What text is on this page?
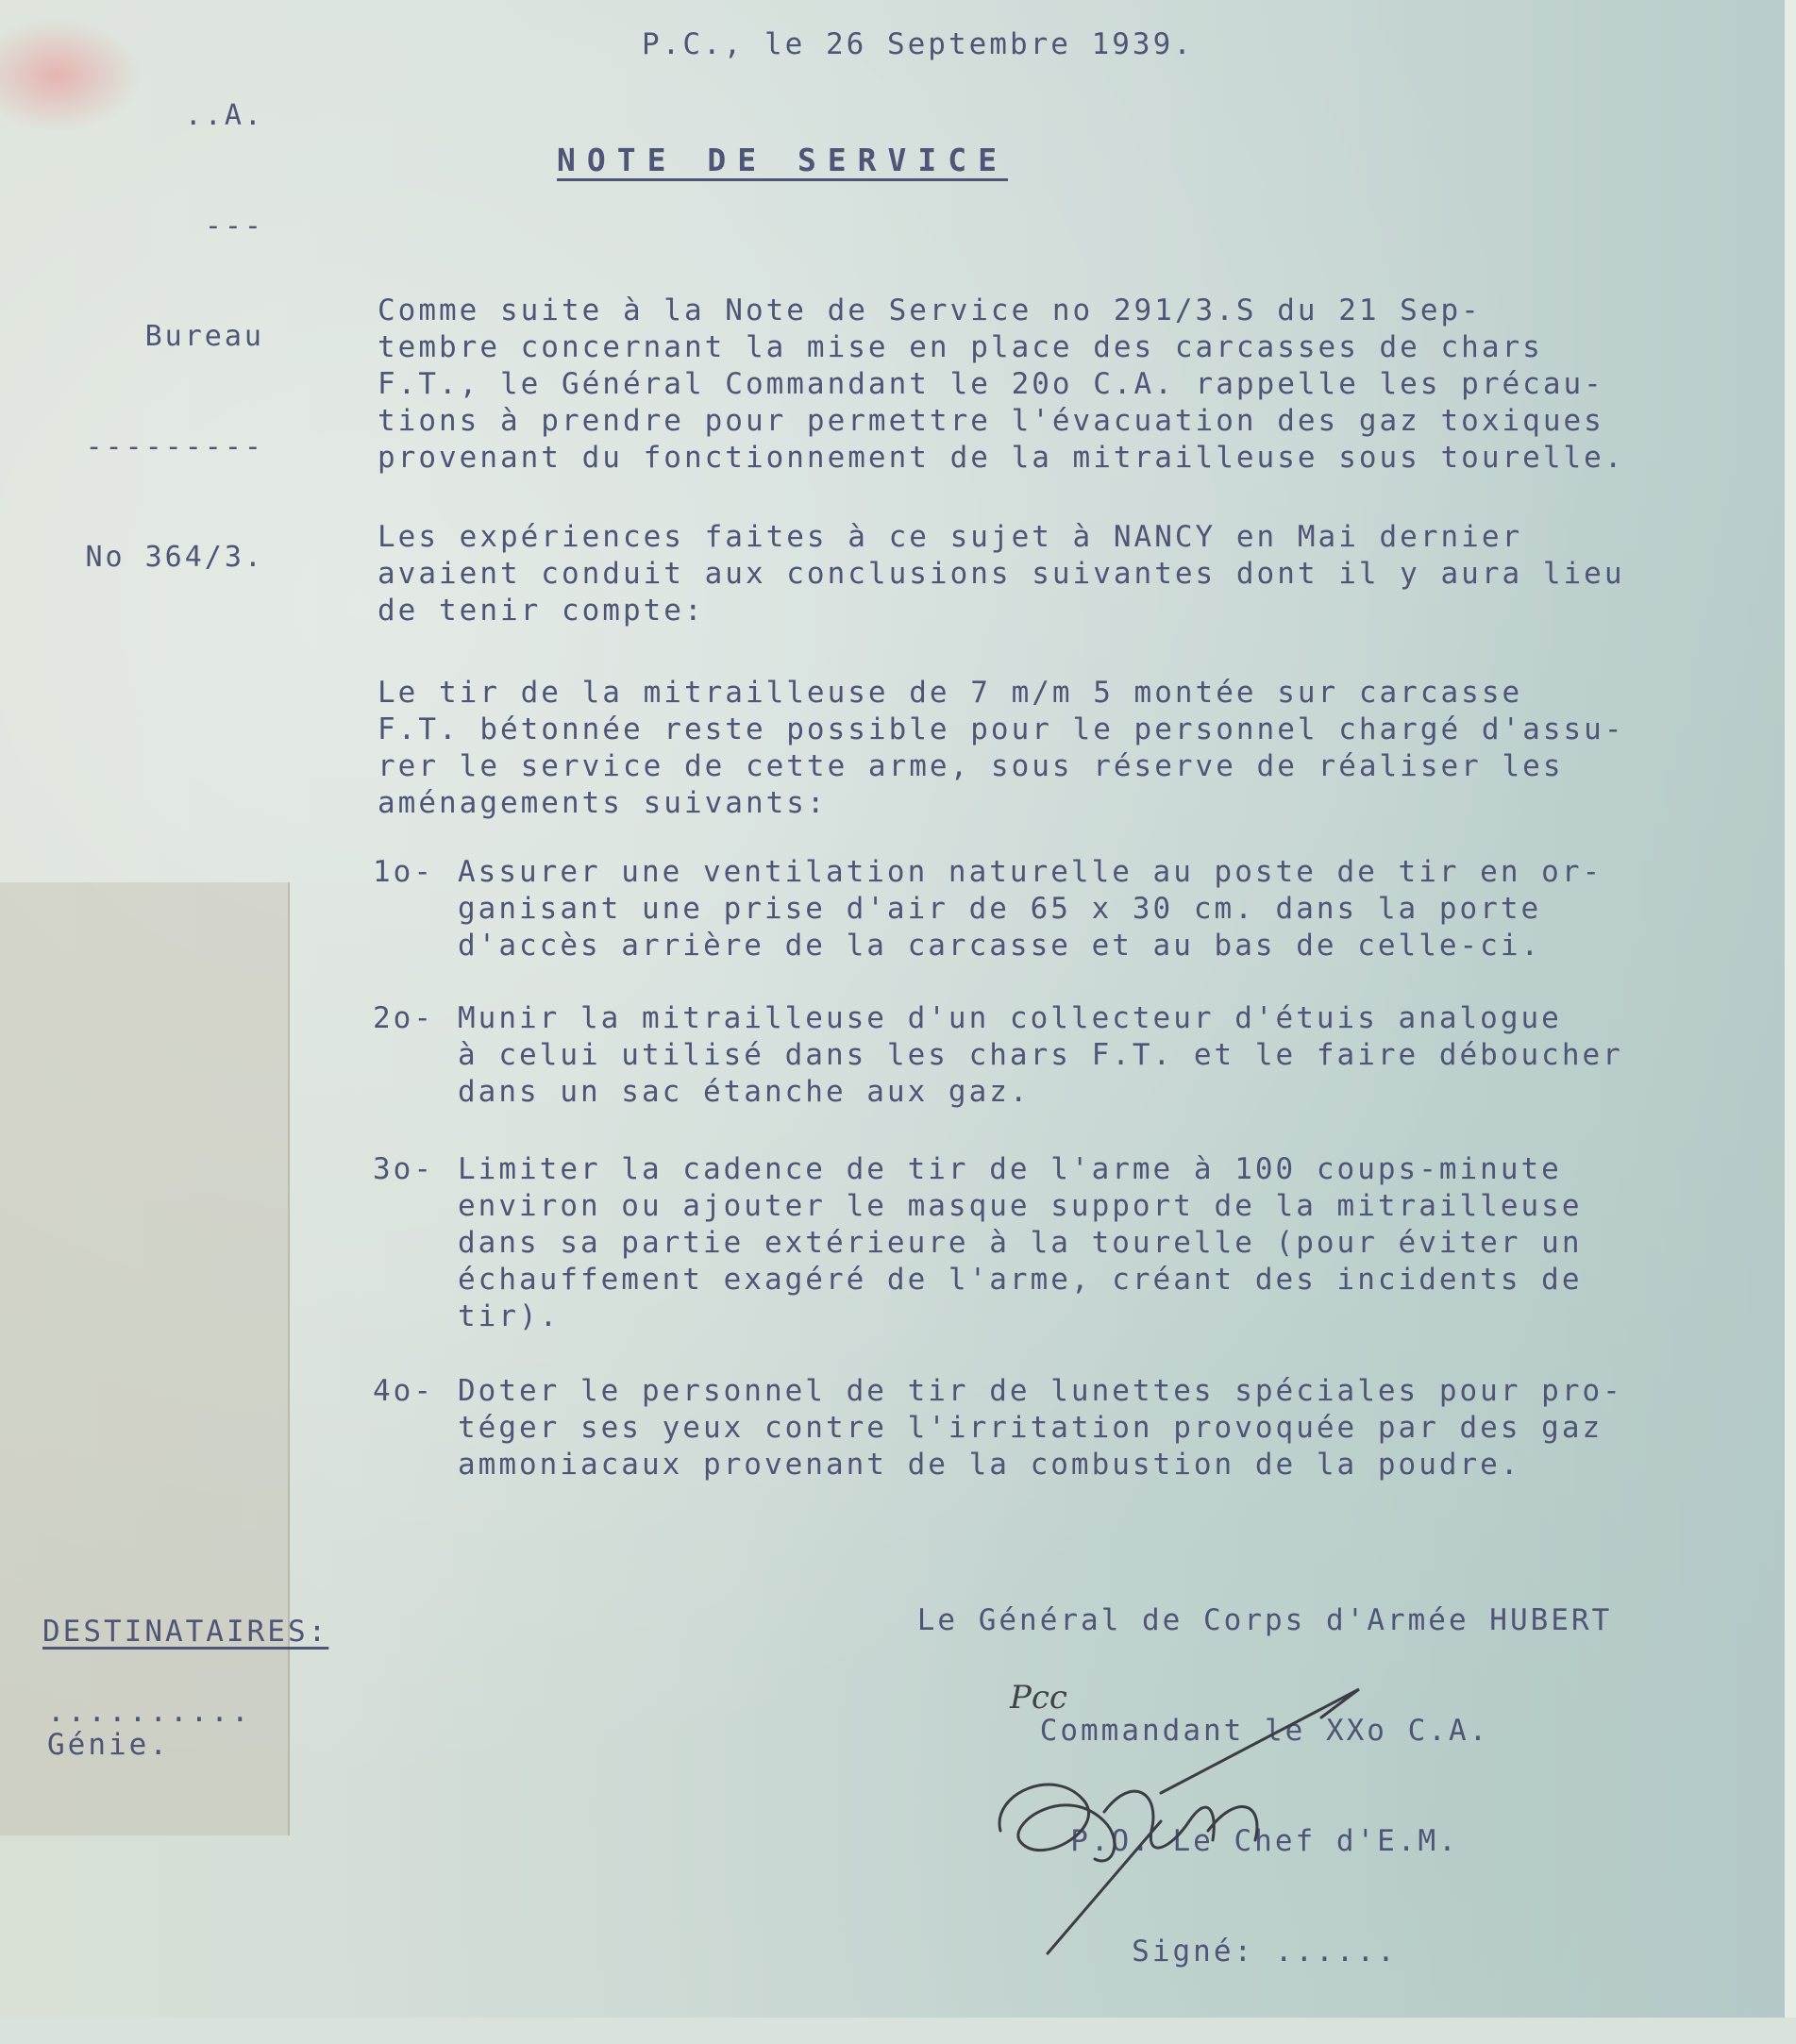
..A.

---

Bureau

---------

No 364/3.

P.C., le 26 Septembre 1939.

NOTE DE SERVICE

Comme suite à la Note de Service no 291/3.S du 21 Sep-
tembre concernant la mise en place des carcasses de chars
F.T., le Général Commandant le 20o C.A. rappelle les précau-
tions à prendre pour permettre l'évacuation des gaz toxiques
provenant du fonctionnement de la mitrailleuse sous tourelle.

Les expériences faites à ce sujet à NANCY en Mai dernier
avaient conduit aux conclusions suivantes dont il y aura lieu
de tenir compte:

Le tir de la mitrailleuse de 7 m/m 5 montée sur carcasse
F.T. bétonnée reste possible pour le personnel chargé d'assu-
rer le service de cette arme, sous réserve de réaliser les
aménagements suivants:

1o- Assurer une ventilation naturelle au poste de tir en or-
ganisant une prise d'air de 65 x 30 cm. dans la porte
d'accès arrière de la carcasse et au bas de celle-ci.
2o- Munir la mitrailleuse d'un collecteur d'étuis analogue
à celui utilisé dans les chars F.T. et le faire déboucher
dans un sac étanche aux gaz.
3o- Limiter la cadence de tir de l'arme à 100 coups-minute
environ ou ajouter le masque support de la mitrailleuse
dans sa partie extérieure à la tourelle (pour éviter un
échauffement exagéré de l'arme, créant des incidents de
tir).
4o- Doter le personnel de tir de lunettes spéciales pour pro-
téger ses yeux contre l'irritation provoquée par des gaz
ammoniacaux provenant de la combustion de la poudre.

Le Général de Corps d'Armée HUBERT

Commandant le XXo C.A.

P.O. Le Chef d'E.M.

Signé: ......

Pcc

DESTINATAIRES:

..........

Génie.
